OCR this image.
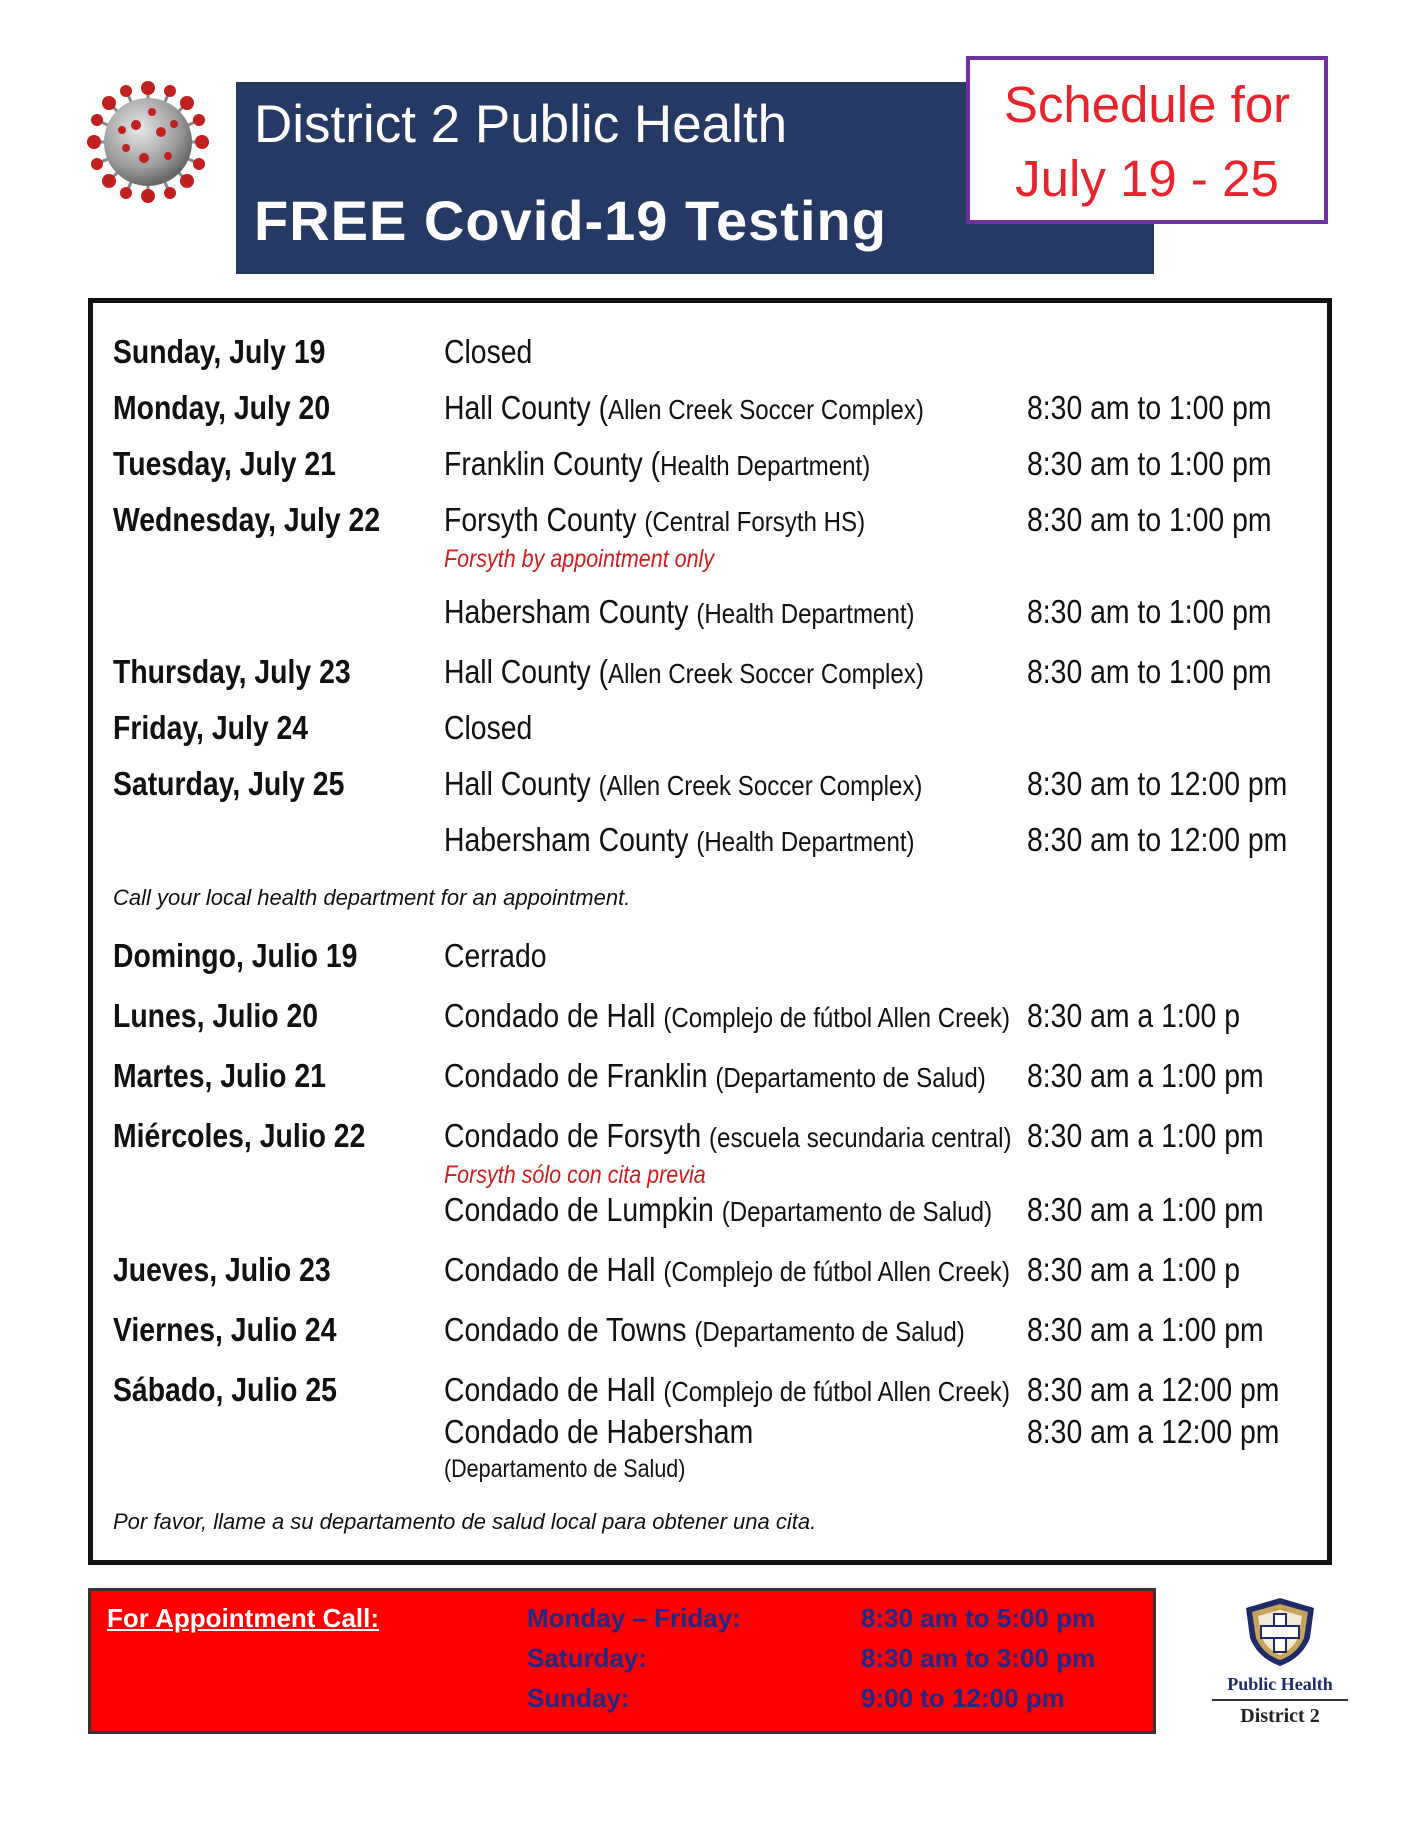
District 2 Public Health
FREE Covid-19 Testing
Schedule for
July 19 - 25
Sunday, July 19	Closed
Monday, July 20	Hall County (Allen Creek Soccer Complex)	8:30 am to 1:00 pm
Tuesday, July 21	Franklin County (Health Department)	8:30 am to 1:00 pm
Wednesday, July 22 Forsyth County (Central Forsyth HS)	8:30 am to 1:00 pm
Forsyth by appointment only
Habersham County (Health Department)	8:30 am to 1:00 pm
Thursday, July 23	Hall County (Allen Creek Soccer Complex)	8:30 am to 1:00 pm
Friday, July 24	Closed
Saturday, July 25	Hall County (Allen Creek Soccer Complex)	8:30 am to 12:00 pm
Habersham County (Health Department)	8:30 am to 12:00 pm
Call your local health department for an appointment.
Domingo, Julio 19	Cerrado
Lunes, Julio 20	Condado de Hall (Complejo de fútbol Allen Creek) 8:30 am a 1:00 p
Martes, Julio 21	Condado de Franklin (Departamento de Salud) 8:30 am a 1:00 pm
Miércoles, Julio 22 Condado de Forsyth (escuela secundaria central) 8:30 am a 1:00 pm
Forsyth sólo con cita previa
Condado de Lumpkin (Departamento de Salud) 8:30 am a 1:00 pm
Jueves, Julio 23	Condado de Hall (Complejo de fútbol Allen Creek) 8:30 am a 1:00 p
Viernes, Julio 24	Condado de Towns (Departamento de Salud) 8:30 am a 1:00 pm
Sábado, Julio 25	Condado de Hall (Complejo de fútbol Allen Creek) 8:30 am a 12:00 pm
Condado de Habersham	8:30 am a 12:00 pm
(Departamento de Salud)
Por favor, llame a su departamento de salud local para obtener una cita.
For Appointment Call:	Monday – Friday:	8:30 am to 5:00 pm
Saturday:	8:30 am to 3:00 pm
Sunday:	9:00 to 12:00 pm	Public Health
District 2
